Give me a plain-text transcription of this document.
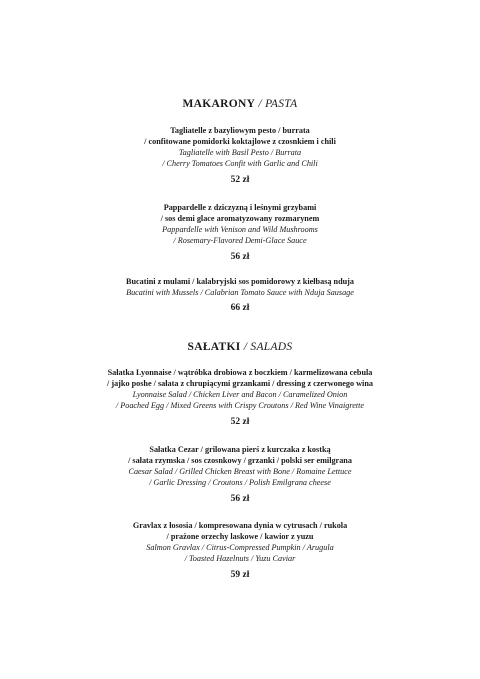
MAKARONY / PASTA
Tagliatelle z bazyliowym pesto / burrata
/ confitowane pomidorki koktajlowe z czosnkiem i chili
Tagliatelle with Basil Pesto / Burrata
/ Cherry Tomatoes Confit with Garlic and Chili
52 zł
Pappardelle z dziczyzną i leśnymi grzybami
/ sos demi glace aromatyzowany rozmarynem
Pappardelle with Venison and Wild Mushrooms
/ Rosemary-Flavored Demi-Glace Sauce
56 zł
Bucatini z mulami / kalabryjski sos pomidorowy z kiełbasą nduja
Bucatini with Mussels / Calabrian Tomato Sauce with Nduja Sausage
66 zł
SAŁATKI / SALADS
Sałatka Lyonnaise / wątróbka drobiowa z boczkiem / karmelizowana cebula
/ jajko poshe / sałata z chrupiącymi grzankami / dressing z czerwonego wina
Lyonnaise Salad / Chicken Liver and Bacon / Caramelized Onion
/ Poached Egg / Mixed Greens with Crispy Croutons / Red Wine Vinaigrette
52 zł
Sałatka Cezar / grilowana pierś z kurczaka z kostką
/ sałata rzymska / sos czosnkowy / grzanki / polski ser emilgrana
Caesar Salad / Grilled Chicken Breast with Bone / Romaine Lettuce
/ Garlic Dressing / Croutons / Polish Emilgrana cheese
56 zł
Gravlax z łososia / kompresowana dynia w cytrusach / rukola
/ prażone orzechy laskowe / kawior z yuzu
Salmon Gravlax / Citrus-Compressed Pumpkin / Arugula
/ Toasted Hazelnuts / Yuzu Caviar
59 zł
